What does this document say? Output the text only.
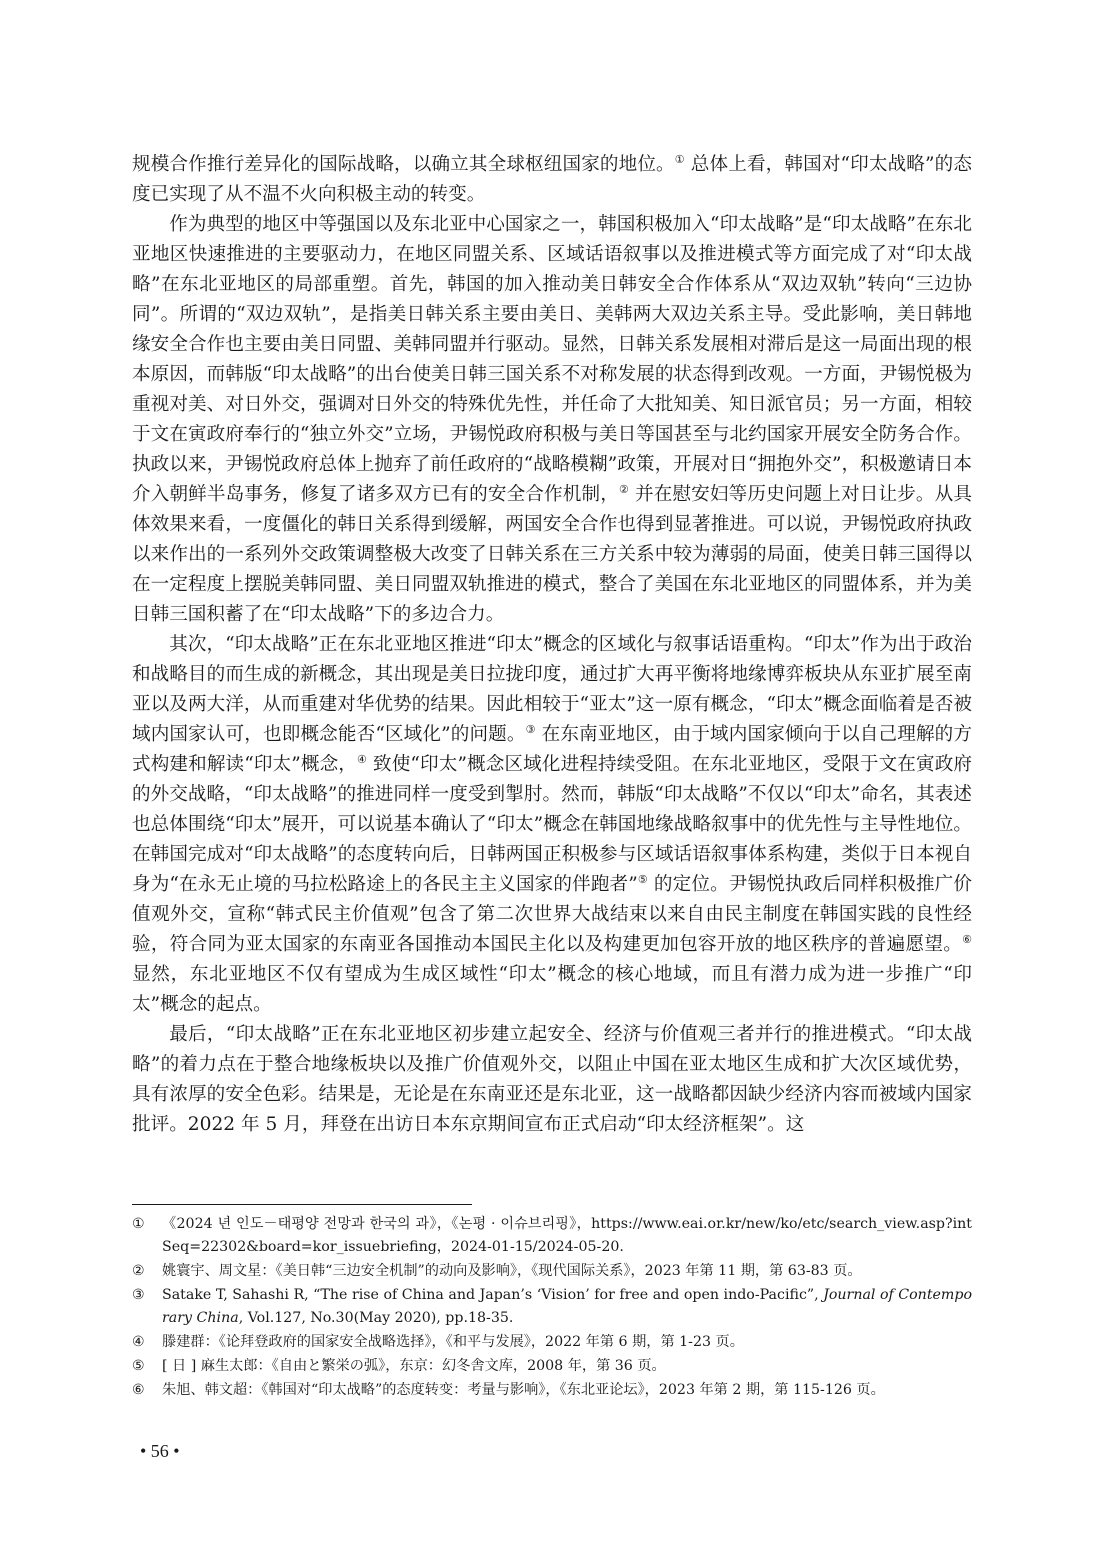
规模合作推行差异化的国际战略，以确立其全球枢纽国家的地位。① 总体上看，韩国对“印太战略”的态度已实现了从不温不火向积极主动的转变。

作为典型的地区中等强国以及东北亚中心国家之一，韩国积极加入“印太战略”是“印太战略”在东北亚地区快速推进的主要驱动力，在地区同盟关系、区域话语叙事以及推进模式等方面完成了对“印太战略”在东北亚地区的局部重塑。首先，韩国的加入推动美日韩安全合作体系从“双边双轨”转向“三边协同”。所谓的“双边双轨”，是指美日韩关系主要由美日、美韩两大双边关系主导。受此影响，美日韩地缘安全合作也主要由美日同盟、美韩同盟并行驱动。显然，日韩关系发展相对滞后是这一局面出现的根本原因，而韩版“印太战略”的出台使美日韩三国关系不对称发展的状态得到改观。一方面，尹锡悦极为重视对美、对日外交，强调对日外交的特殊优先性，并任命了大批知美、知日派官员；另一方面，相较于文在寅政府奉行的“独立外交”立场，尹锡悦政府积极与美日等国甚至与北约国家开展安全防务合作。执政以来，尹锡悦政府总体上抛弃了前任政府的“战略模糊”政策，开展对日“拥抱外交”，积极邀请日本介入朝鲜半岛事务，修复了诸多双方已有的安全合作机制，② 并在慰安妇等历史问题上对日让步。从具体效果来看，一度僵化的韩日关系得到缓解，两国安全合作也得到显著推进。可以说，尹锡悦政府执政以来作出的一系列外交政策调整极大改变了日韩关系在三方关系中较为薄弱的局面，使美日韩三国得以在一定程度上摆脱美韩同盟、美日同盟双轨推进的模式，整合了美国在东北亚地区的同盟体系，并为美日韩三国积蓄了在“印太战略”下的多边合力。

其次，“印太战略”正在东北亚地区推进“印太”概念的区域化与叙事话语重构。“印太”作为出于政治和战略目的而生成的新概念，其出现是美日拉拢印度，通过扩大再平衡将地缘博弈板块从东亚扩展至南亚以及两大洋，从而重建对华优势的结果。因此相较于“亚太”这一原有概念，“印太”概念面临着是否被域内国家认可，也即概念能否“区域化”的问题。③ 在东南亚地区，由于域内国家倾向于以自己理解的方式构建和解读“印太”概念，④ 致使“印太”概念区域化进程持续受阻。在东北亚地区，受限于文在寅政府的外交战略，“印太战略”的推进同样一度受到掣肘。然而，韩版“印太战略”不仅以“印太”命名，其表述也总体围绕“印太”展开，可以说基本确认了“印太”概念在韩国地缘战略叙事中的优先性与主导性地位。在韩国完成对“印太战略”的态度转向后，日韩两国正积极参与区域话语叙事体系构建，类似于日本视自身为“在永无止境的马拉松路途上的各民主主义国家的伴跑者”⑤ 的定位。尹锡悦执政后同样积极推广价值观外交，宣称“韩式民主价值观”包含了第二次世界大战结束以来自由民主制度在韩国实践的良性经验，符合同为亚太国家的东南亚各国推动本国民主化以及构建更加包容开放的地区秩序的普遍愿望。⑥ 显然，东北亚地区不仅有望成为生成区域性“印太”概念的核心地域，而且有潜力成为进一步推广“印太”概念的起点。

最后，“印太战略”正在东北亚地区初步建立起安全、经济与价值观三者并行的推进模式。“印太战略”的着力点在于整合地缘板块以及推广价值观外交，以阻止中国在亚太地区生成和扩大次区域优势，具有浓厚的安全色彩。结果是，无论是在东南亚还是东北亚，这一战略都因缺少经济内容而被域内国家批评。2022 年 5 月，拜登在出访日本东京期间宣布正式启动“印太经济框架”。这

①	《2024 년 인도－태평양 전망과 한국의 과》，《논평 · 이슈브리핑》，https://www.eai.or.kr/new/ko/etc/search_view.asp?intSeq=22302&board=kor_issuebriefing，2024-01-15/2024-05-20.
②	姚寰宇、周文星：《美日韩“三边安全机制”的动向及影响》，《现代国际关系》，2023 年第 11 期，第 63-83 页。
③	Satake T, Sahashi R, “The rise of China and Japan’s ‘Vision’ for free and open indo-Pacific”, Journal of Contemporary China, Vol.127, No.30(May 2020), pp.18-35.
④	滕建群：《论拜登政府的国家安全战略选择》，《和平与发展》，2022 年第 6 期，第 1-23 页。
⑤	[ 日 ] 麻生太郎：《自由と繁栄の弧》，东京：幻冬舎文库，2008 年，第 36 页。
⑥	朱旭、韩文超：《韩国对“印太战略”的态度转变：考量与影响》，《东北亚论坛》，2023 年第 2 期，第 115-126 页。
• 56 •
